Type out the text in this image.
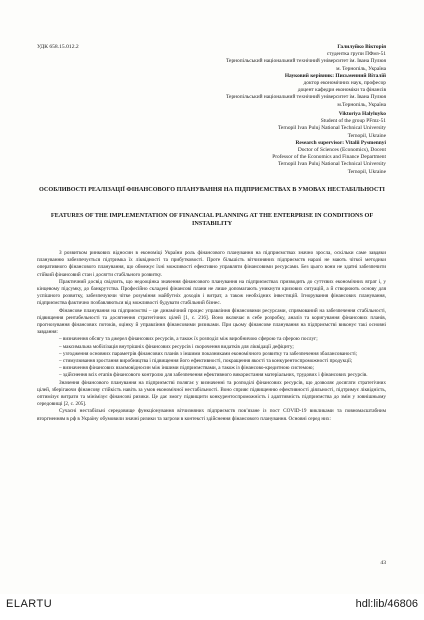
УДК 658.15.012.2	Галилуйко Вікторія
студентка групи ПФмз-51
Тернопільський національний технічний університет ім. Івана Пулюя
м. Тернопіль, Україна
Науковий керівник: Письменний Віталій
доктор економічних наук, професор
доцент кафедри економіки та фінансів
Тернопільський національний технічний університет ім. Івана Пулюя
м.Тернопіль, Україна
Viktoriya Halyluyko
Student of the group PFmz-51
Ternopil Ivan Puluj National Technical University
Ternopil, Ukraine
Research supervisor: Vitalii Pysmennyi
Doctor of Sciences (Economics), Docent
Professor of the Economics and Finance Department
Ternopil Ivan Puluj National Technical University
Ternopil, Ukraine
ОСОБЛИВОСТІ РЕАЛІЗАЦІЇ ФІНАНСОВОГО ПЛАНУВАННЯ НА ПІДПРИЄМСТВАХ В УМОВАХ НЕСТАБІЛЬНОСТІ
FEATURES OF THE IMPLEMENTATION OF FINANCIAL PLANNING AT THE ENTERPRISE IN CONDITIONS OF INSTABILITY

З розвитком ринкових відносин в економіці України роль фінансового планування на підприємствах значно зросла, оскільки саме завдяки плануванню забезпечується підтримка їх ліквідності та прибутковості. Проте більшість вітчизняних підприємств наразі не мають чіткої методики оперативного фінансового планування, що обмежує їхні можливості ефективно управляти фінансовими ресурсами. Без цього вони не здатні забезпечити стійкий фінансовий стан і досягти стабільного розвитку.

Практичний досвід свідчить, що недооцінка значення фінансового планування на підприємствах призводить до суттєвих економічних втрат і, у кінцевому підсумку, до банкрутства. Професійно складені фінансові плани не лише допомагають уникнути кризових ситуацій, а й створюють основу для успішного розвитку, забезпечуючи чітке розуміння майбутніх доходів і витрат, а також необхідних інвестицій. Ігнорування фінансових планування, підприємства фактично позбавляються від можливості будувати стабільний бізнес.

Фінансове планування на підприємстві – це динамічний процес управління фінансовими ресурсами, спрямований на забезпечення стабільності, підвищення рентабельності та досягнення стратегічних цілей [1, с. 216]. Воно включає в себе розробку, аналіз та коригування фінансових планів, прогнозування фінансових потоків, оцінку й управління фінансовими ризиками. При цьому фінансове планування на підприємстві виконує такі основні завдання:

– визначення обсягу та джерел фінансових ресурсів, а також їх розподіл між виробничою сферою та сферою послуг;

– максимальна мобілізація внутрішніх фінансових ресурсів і скорочення видатків для ліквідації дефіциту;

– узгодження основних параметрів фінансових планів з іншими показниками економічного розвитку та забезпечення збалансованості;

– стимулювання зростання виробництва і підвищення його ефективності, покращення якості та конкурентоспроможності продукції;

– визначення фінансових взаємовідносин між іншими підприємствами, а також із фінансово-кредитною системою;

– здійснення всіх етапів фінансового контролю для забезпечення ефективного використання матеріальних, трудових і фінансових ресурсів.

Значення фінансового планування на підприємстві полягає у визначенні та розподілі фінансових ресурсів, що дозволяє досягати стратегічних цілей, зберігаючи фінансову стійкість навіть за умов економічної нестабільності. Воно сприяє підвищенню ефективності діяльності, підтримує ліквідність, оптимізує витрати та мінімізує фінансові ризики. Це дає змогу підвищити конкурентоспроможність і адаптивність підприємства до змін у зовнішньому середовищі [2, с. 205].

Сучасні нестабільні середовище функціонування вітчизняних підприємств пов’язане із пост COVID-19 викликами та повномасштабним вторгненням в рф в Україну обумовили значні ризики та загрози в контексті здійснення фінансового планування. Основні серед них:

43
ELARTU	hdl:lib/46806
